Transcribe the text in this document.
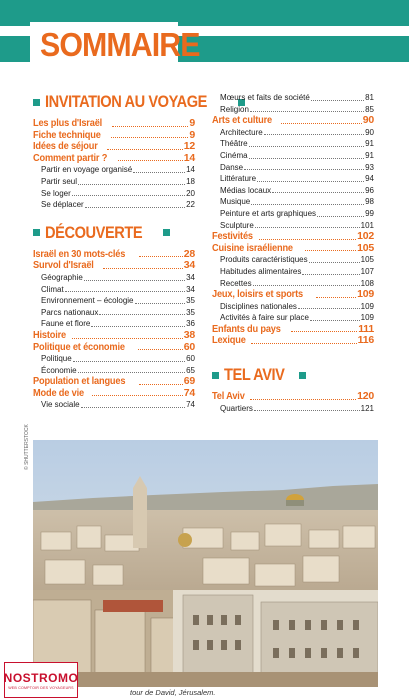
SOMMAIRE
INVITATION AU VOYAGE
Les plus d'Israël	9
Fiche technique	9
Idées de séjour	12
Comment partir ?	14
Partir en voyage organisé	14
Partir seul	18
Se loger	20
Se déplacer	22
DÉCOUVERTE
Israël en 30 mots-clés	28
Survol d'Israël	34
Géographie	34
Climat	34
Environnement – écologie	35
Parcs nationaux	35
Faune et flore	36
Histoire	38
Politique et économie	60
Politique	60
Économie	65
Population et langues	69
Mode de vie	74
Vie sociale	74
Mœurs et faits de société	81
Religion	85
Arts et culture	90
Architecture	90
Théâtre	91
Cinéma	91
Danse	93
Littérature	94
Médias locaux	96
Musique	98
Peinture et arts graphiques	99
Sculpture	101
Festivités	102
Cuisine israélienne	105
Produits caractéristiques	105
Habitudes alimentaires	107
Recettes	108
Jeux, loisirs et sports	109
Disciplines nationales	109
Activités à faire sur place	109
Enfants du pays	111
Lexique	116
TEL AVIV
Tel Aviv	120
Quartiers	121
© SHUTTERSTOCK
tour de David, Jérusalem.
NOSTROMO
WEB COMPTOIR DES VOYAGEURS
